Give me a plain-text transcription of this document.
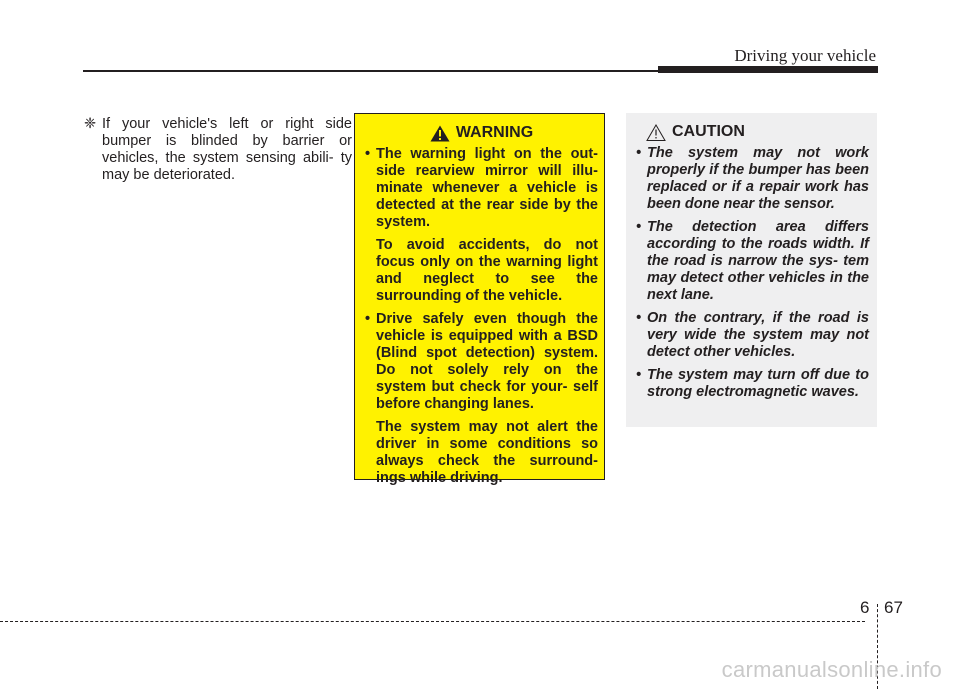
Driving your vehicle
❈ If your vehicle's left or right side bumper is blinded by barrier or vehicles, the system sensing abili- ty may be deteriorated.
WARNING
• The warning light on the out- side rearview mirror will illu- minate whenever a vehicle is detected at the rear side by the system.

To avoid accidents, do not focus only on the warning light and neglect to see the surrounding of the vehicle.

• Drive safely even though the vehicle is equipped with a BSD (Blind spot detection) system. Do not solely rely on the system but check for your- self before changing lanes.

The system may not alert the driver in some conditions so always check the surround- ings while driving.

CAUTION
• The system may not work properly if the bumper has been replaced or if a repair work has been done near the sensor.

• The detection area differs according to the roads width. If the road is narrow the sys- tem may detect other vehicles in the next lane.

• On the contrary, if the road is very wide the system may not detect other vehicles.

• The system may turn off due to strong electromagnetic waves.

6 67
carmanualsonline.info
